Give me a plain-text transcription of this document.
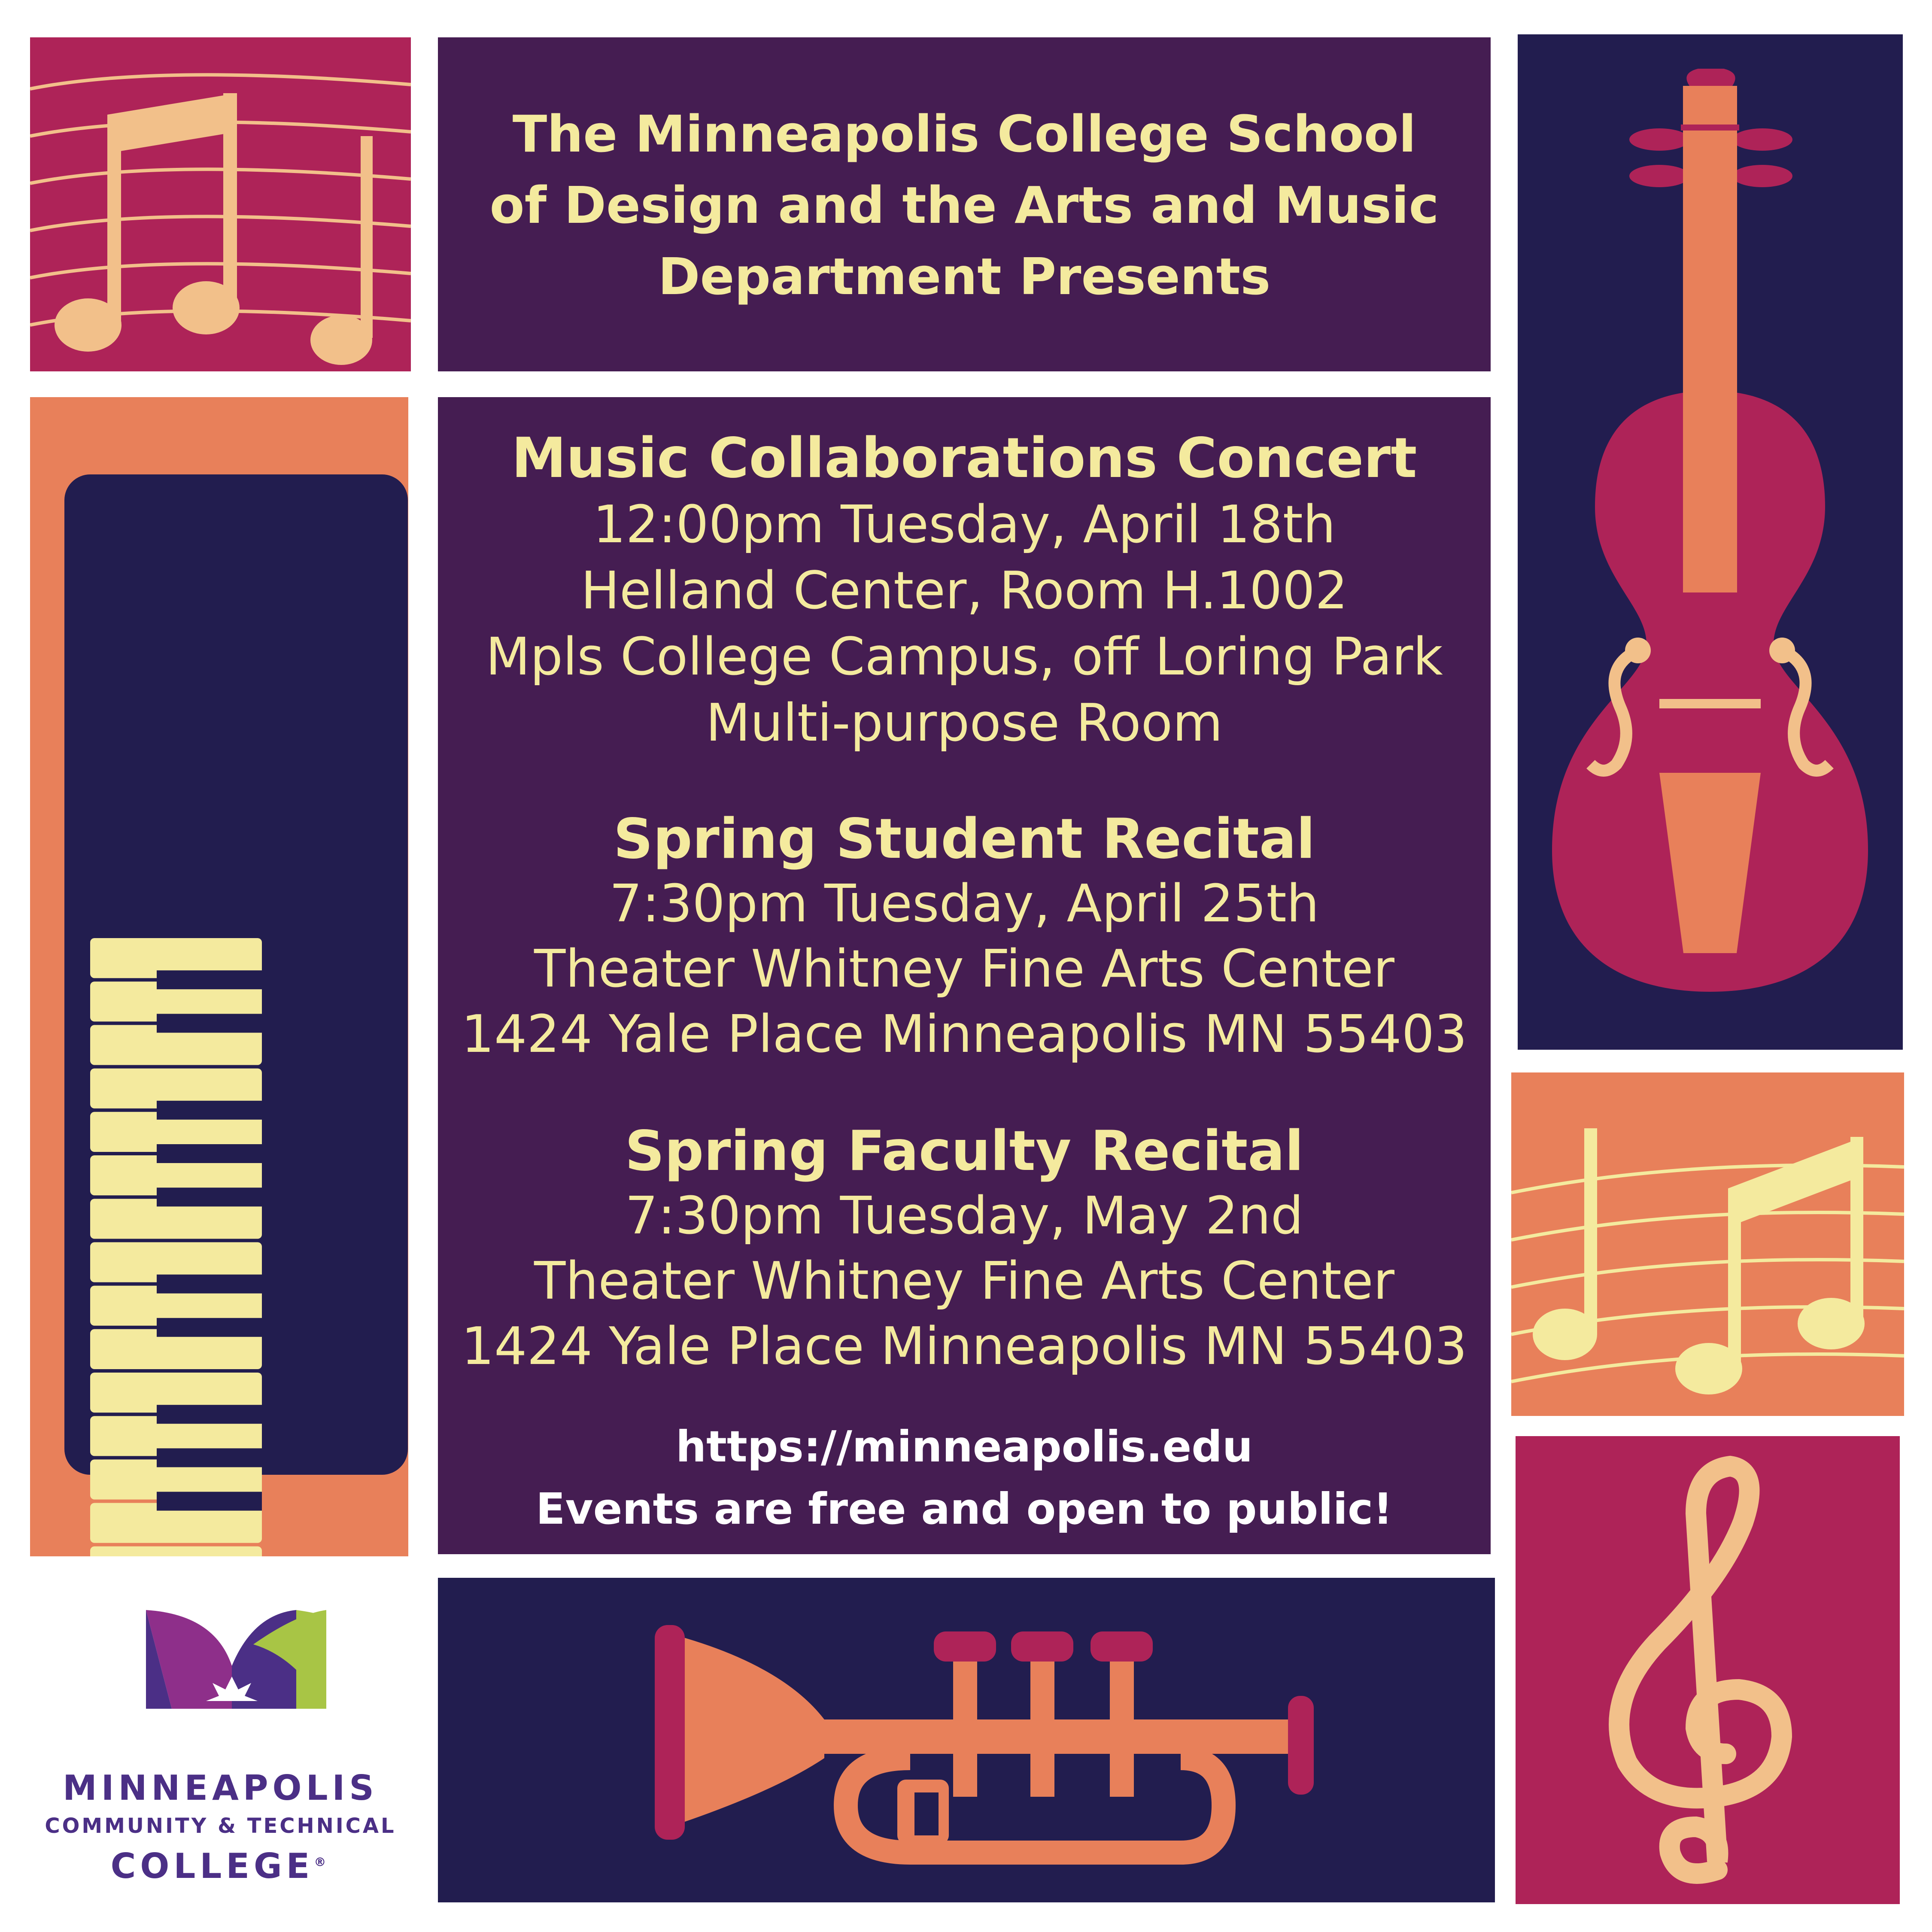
The Minneapolis College School
of Design and the Arts and Music
Department Presents
Music Collaborations Concert
12:00pm Tuesday, April 18th
Helland Center, Room H.1002
Mpls College Campus, off Loring Park
Multi-purpose Room
Spring Student Recital
7:30pm Tuesday, April 25th
Theater Whitney Fine Arts Center
1424 Yale Place Minneapolis MN 55403
Spring Faculty Recital
7:30pm Tuesday, May 2nd
Theater Whitney Fine Arts Center
1424 Yale Place Minneapolis MN 55403
https://minneapolis.edu
Events are free and open to public!
MINNEAPOLIS
COMMUNITY & TECHNICAL
COLLEGE®
